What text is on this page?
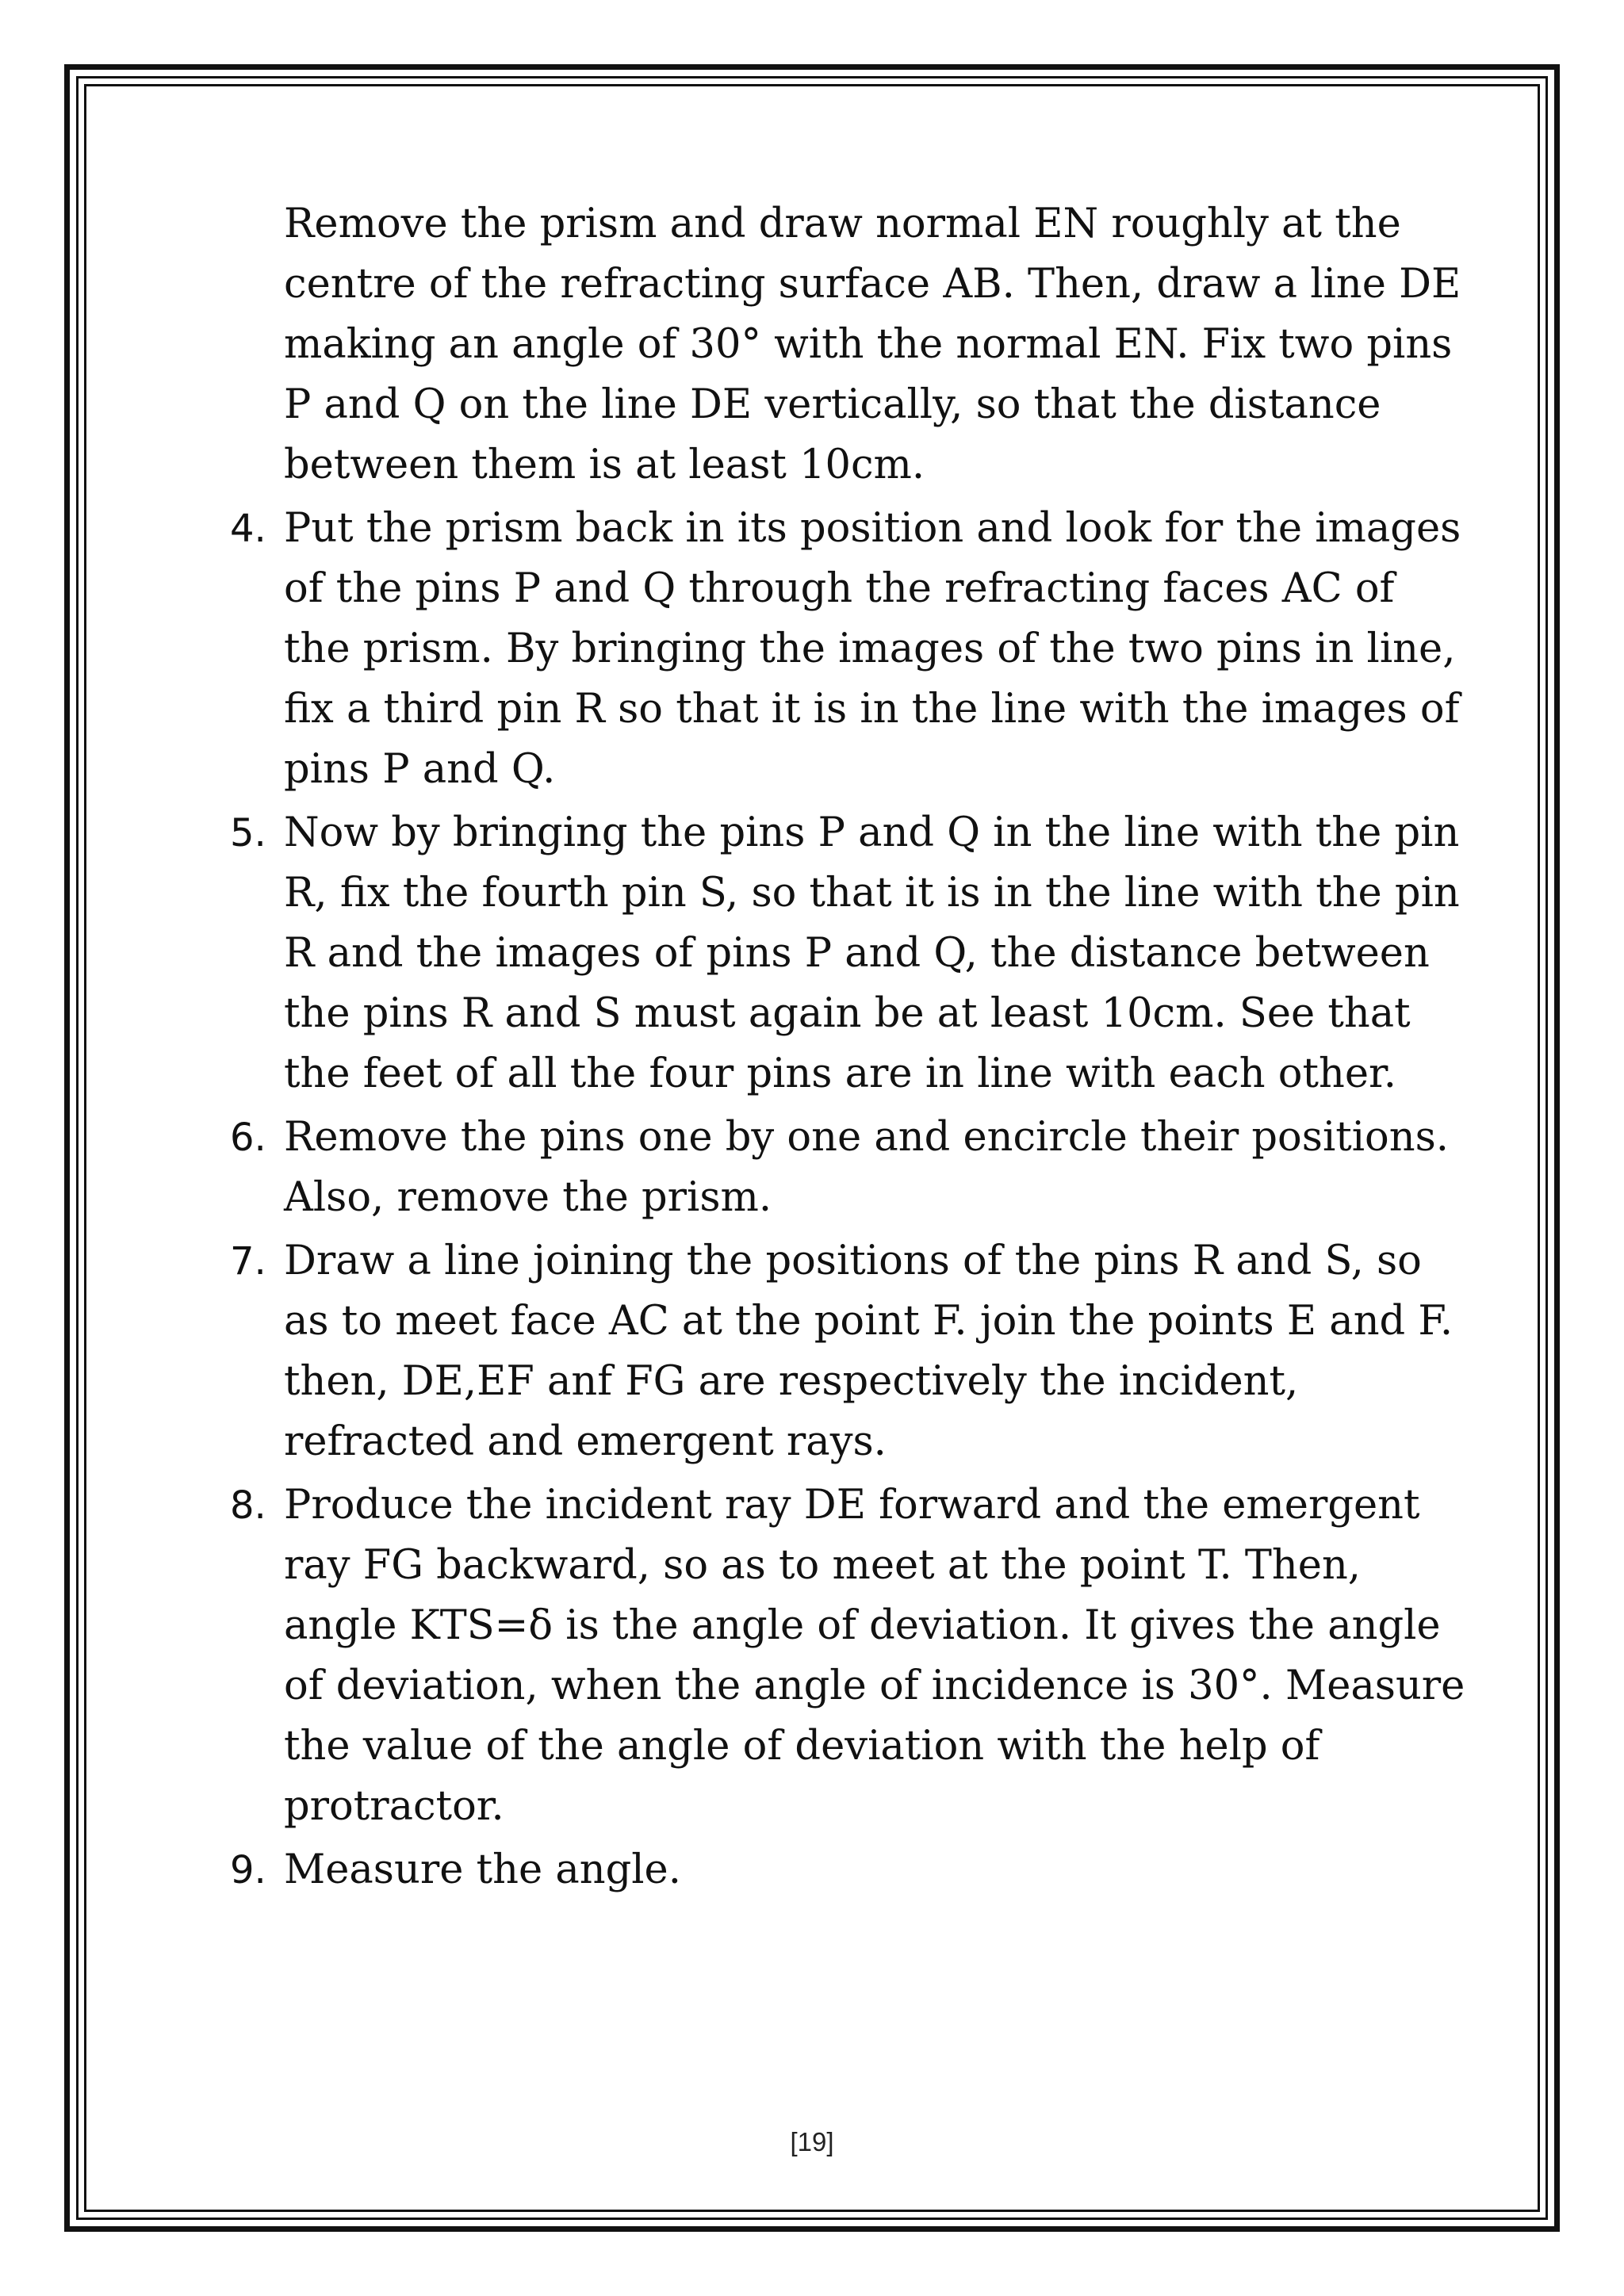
Remove the prism and draw normal EN roughly at the centre of the refracting surface AB. Then, draw a line DE making an angle of 30° with the normal EN. Fix two pins P and Q on the line DE vertically, so that the distance between them is at least 10cm.

4. Put the prism back in its position and look for the images of the pins P and Q through the refracting faces AC of the prism. By bringing the images of the two pins in line, fix a third pin R so that it is in the line with the images of pins P and Q.
5. Now by bringing the pins P and Q in the line with the pin R, fix the fourth pin S, so that it is in the line with the pin R and the images of pins P and Q, the distance between the pins R and S must again be at least 10cm. See that the feet of all the four pins are in line with each other.
6. Remove the pins one by one and encircle their positions. Also, remove the prism.
7. Draw a line joining the positions of the pins R and S, so as to meet face AC at the point F. join the points E and F. then, DE,EF anf FG are respectively the incident, refracted and emergent rays.
8. Produce the incident ray DE forward and the emergent ray FG backward, so as to meet at the point T. Then, angle KTS=δ is the angle of deviation. It gives the angle of deviation, when the angle of incidence is 30°. Measure the value of the angle of deviation with the help of protractor.
9. Measure the angle.
[19]
